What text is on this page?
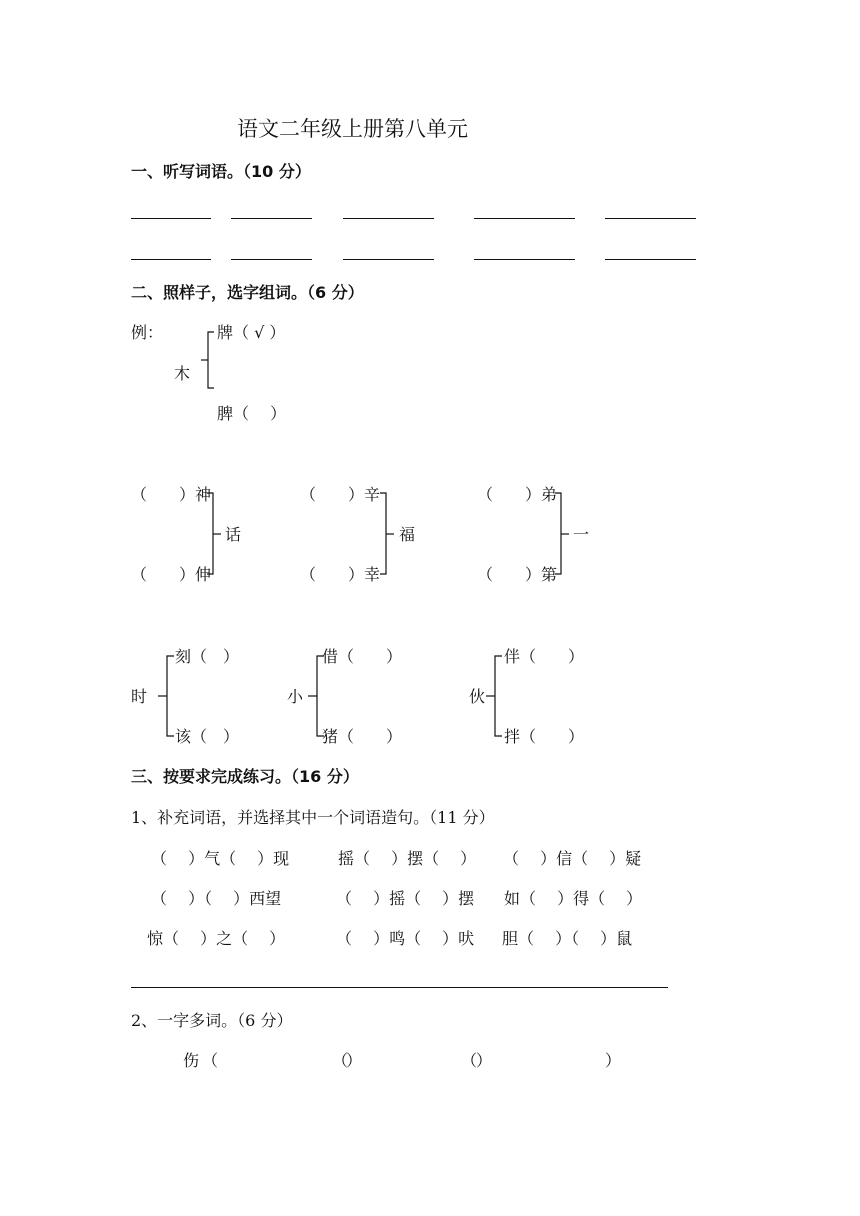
语文二年级上册第八单元
一、听写词语。（10 分）
二、照样子，选字组词。（6 分）
例：
木
牌（ √ ）
脾（　 ）
（　　）神
（　　）伸
话
（　　）辛
（　　）幸
福
（　　）弟
（　　）第
一
时
刻（　）
该（　）
小
借（　　）
猪（　　）
伙
伴（　　）
拌（　　）
三、按要求完成练习。（16 分）
1、补充词语，并选择其中一个词语造句。（11 分）
（　 ）气（　 ）现	摇（　 ）摆（　 ） （　 ）信（　 ）疑
（　 ）（　 ）西望	（　 ）摇（　 ）摆 如（　 ）得（　 ）
惊（　 ）之（　 ）	（　 ）鸣（　 ）吠 胆（　 ）（　 ）鼠
2、一字多词。（6 分）
伤 （　　　　　　　　）
（　　　　　　　　）
（　　　　　　　　）
